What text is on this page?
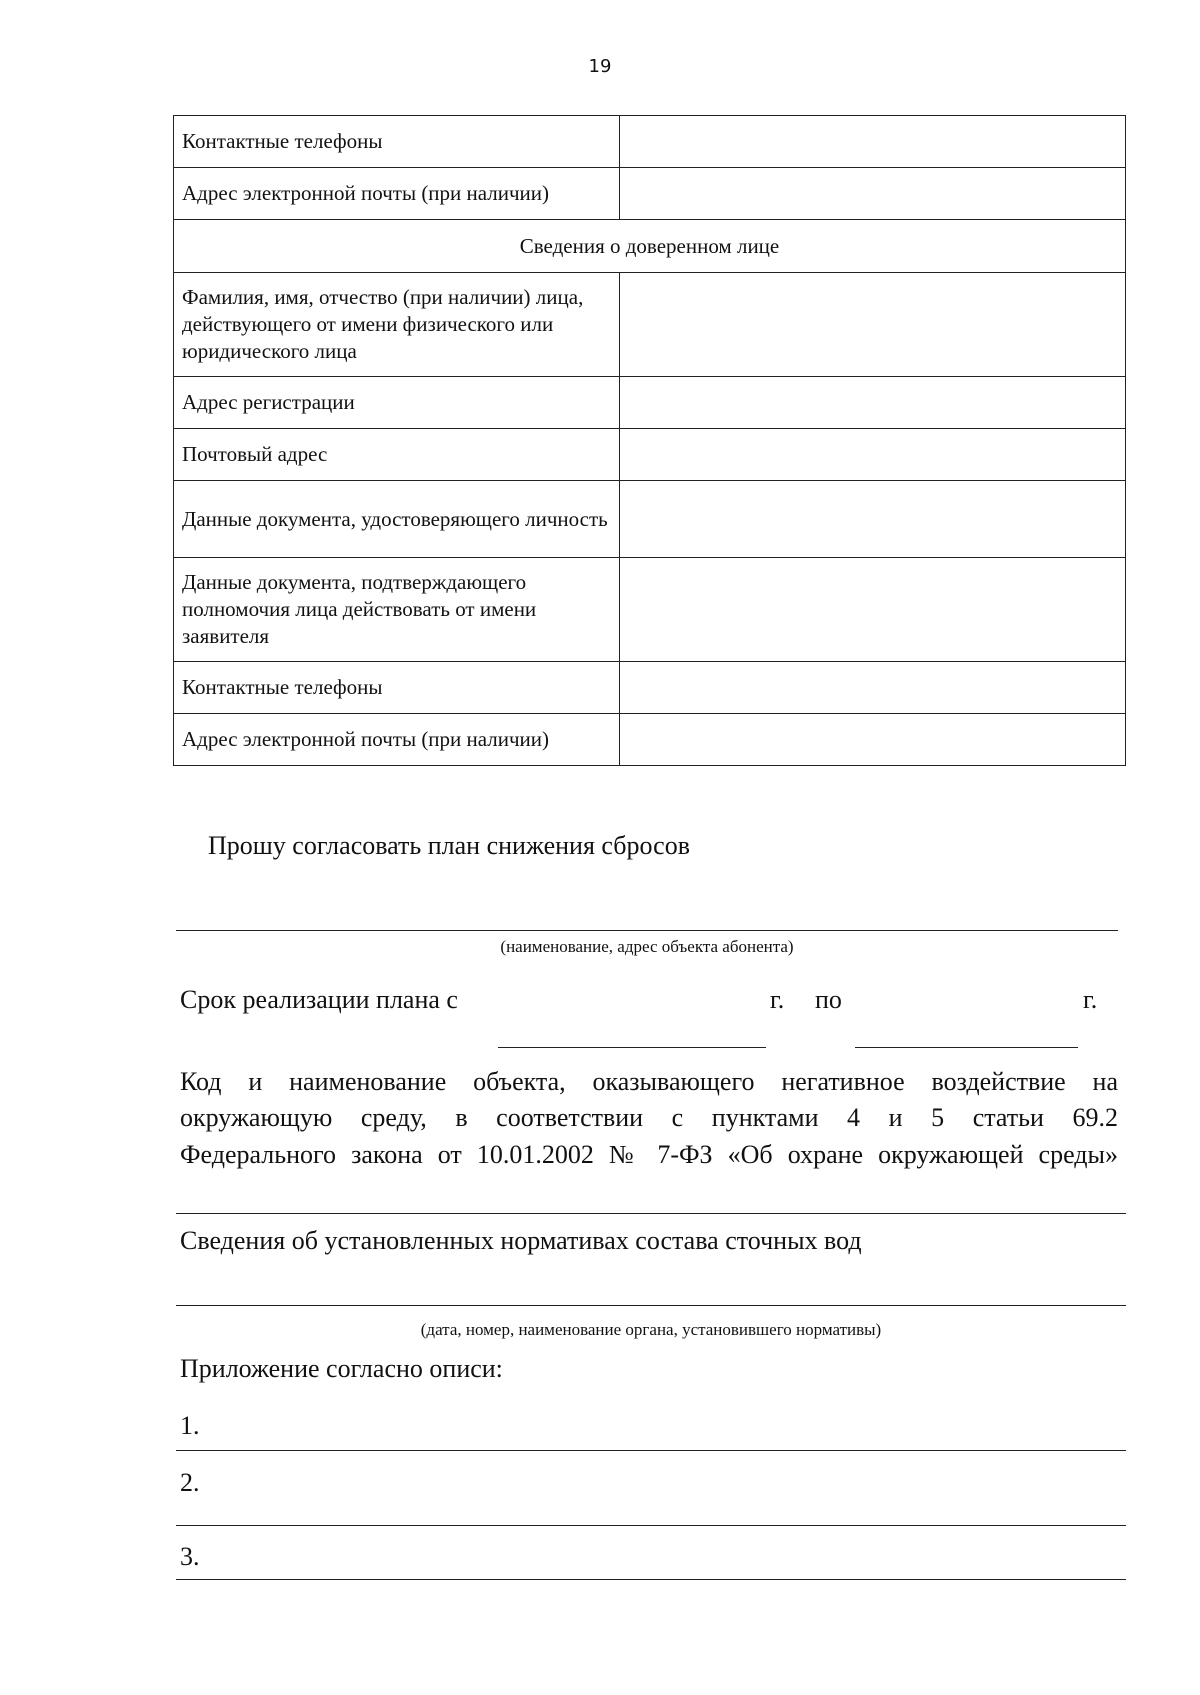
19
Контактные телефоны	
Адрес электронной почты (при наличии)	
Сведения о доверенном лице	
Фамилия, имя, отчество (при наличии) лица, действующего от имени физического или юридического лица	
Адрес регистрации	
Почтовый адрес	
Данные документа, удостоверяющего личность	
Данные документа, подтверждающего полномочия лица действовать от имени заявителя	
Контактные телефоны	
Адрес электронной почты (при наличии)	
Прошу согласовать план снижения сбросов
(наименование, адрес объекта абонента)
Срок реализации плана с	г. по	г.
Код и наименование объекта, оказывающего негативное воздействие на
окружающую среду, в соответствии с пунктами 4 и 5 статьи 69.2
Федерального закона от 10.01.2002 № 7-ФЗ «Об охране окружающей среды»
Сведения об установленных нормативах состава сточных вод
(дата, номер, наименование органа, установившего нормативы)
Приложение согласно описи:
1.
2.
3.
